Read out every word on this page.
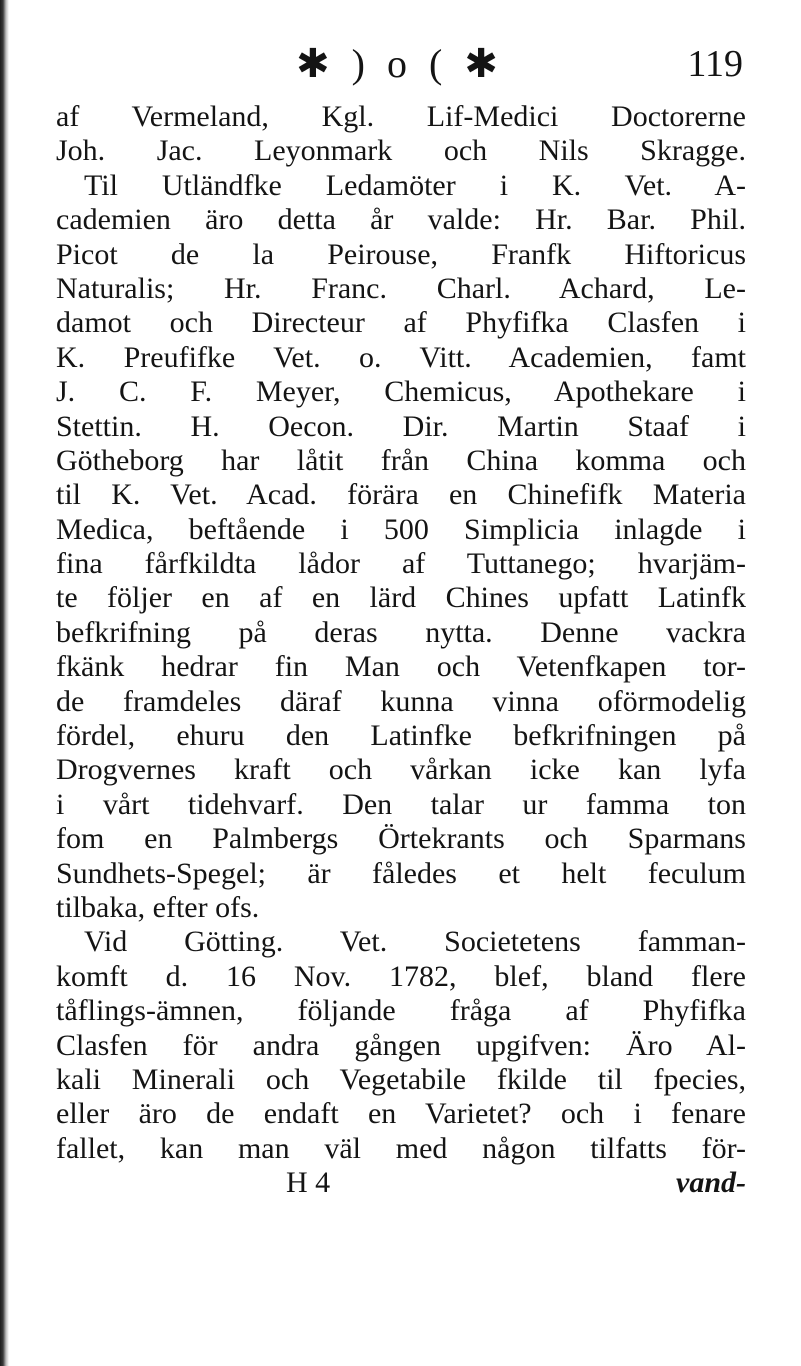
✱ ) o ( ✱	119
af Vermeland, Kgl. Lif-Medici Doctorerne
Joh. Jac. Leyonmark och Nils Skragge.
Til Utländfke Ledamöter i K. Vet. A-
cademien äro detta år valde: Hr. Bar. Phil.
Picot de la Peirouse, Franfk Hiftoricus
Naturalis; Hr. Franc. Charl. Achard, Le-
damot och Directeur af Phyfifka Clasfen i
K. Preufifke Vet. o. Vitt. Academien, famt
J. C. F. Meyer, Chemicus, Apothekare i
Stettin. H. Oecon. Dir. Martin Staaf i
Götheborg har låtit från China komma och
til K. Vet. Acad. förära en Chinefifk Materia
Medica, beftående i 500 Simplicia inlagde i
fina fårfkildta lådor af Tuttanego; hvarjäm-
te följer en af en lärd Chines upfatt Latinfk
befkrifning på deras nytta. Denne vackra
fkänk hedrar fin Man och Vetenfkapen tor-
de framdeles däraf kunna vinna oförmodelig
fördel, ehuru den Latinfke befkrifningen på
Drogvernes kraft och vårkan icke kan lyfa
i vårt tidehvarf. Den talar ur famma ton
fom en Palmbergs Örtekrants och Sparmans
Sundhets-Spegel; är fåledes et helt feculum
tilbaka, efter ofs.
Vid Götting. Vet. Societetens famman-
komft d. 16 Nov. 1782, blef, bland flere
tåflings-ämnen, följande fråga af Phyfifka
Clasfen för andra gången upgifven: Äro Al-
kali Minerali och Vegetabile fkilde til fpecies,
eller äro de endaft en Varietet? och i fenare
fallet, kan man väl med någon tilfatts för-
H 4	vand-
